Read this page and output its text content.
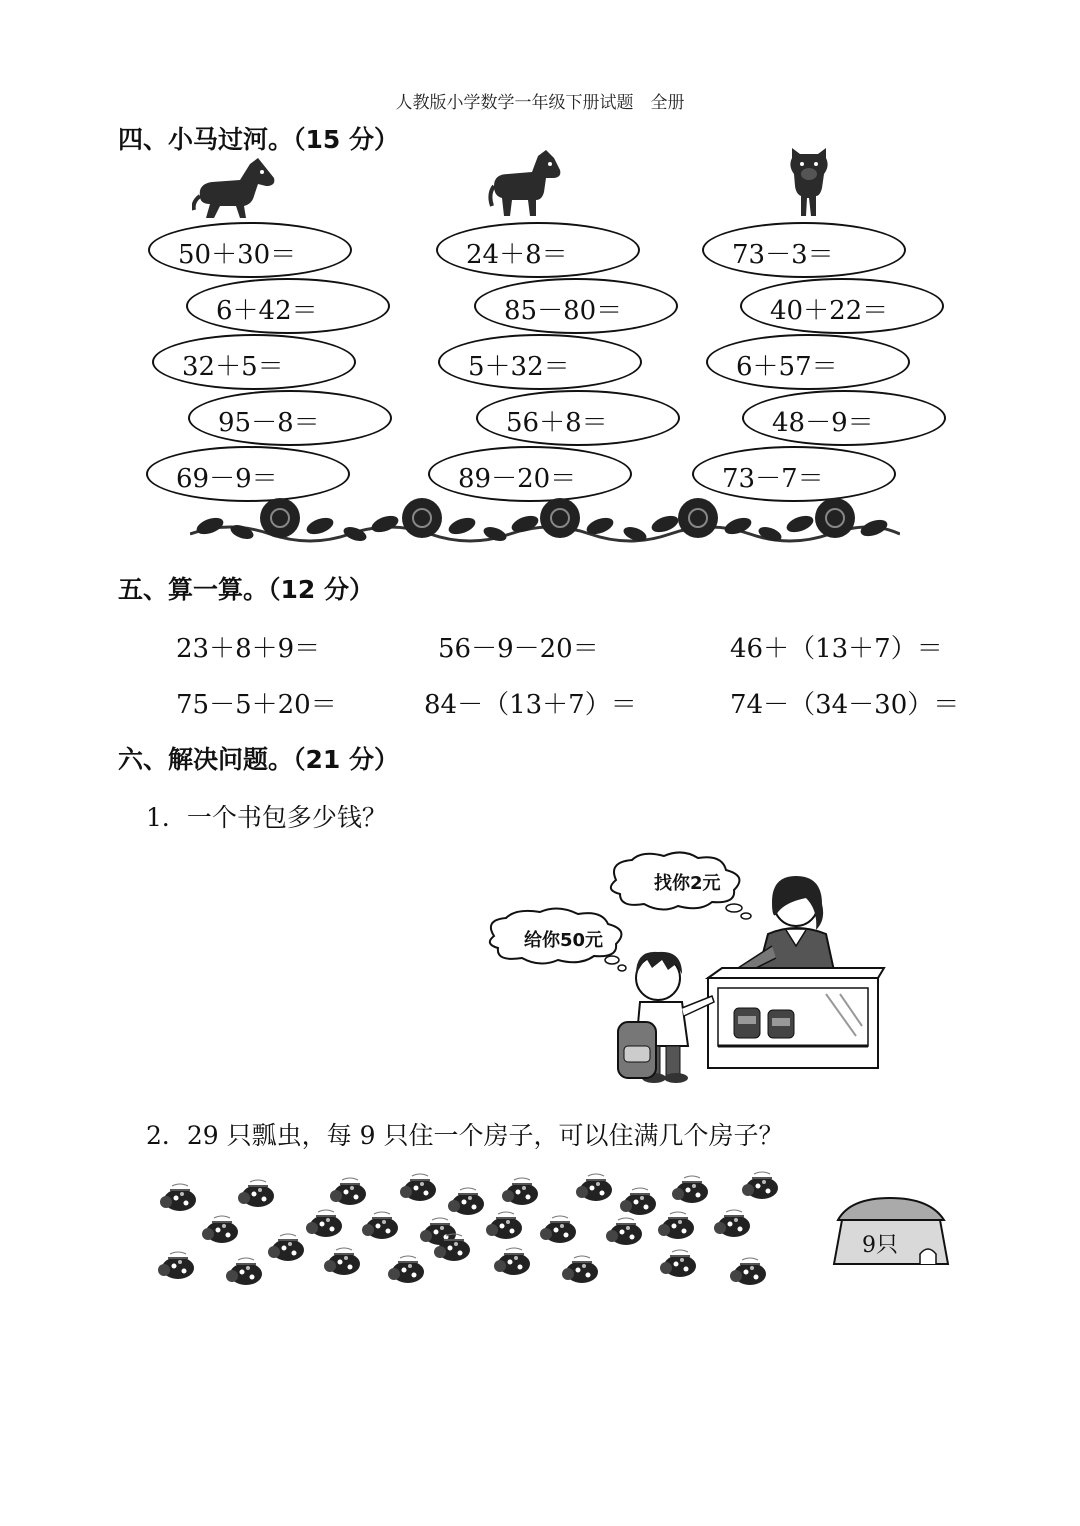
人教版小学数学一年级下册试题　全册
四、小马过河。（15 分）
50＋30＝
6＋42＝
32＋5＝
95－8＝
69－9＝
24＋8＝
85－80＝
5＋32＝
56＋8＝
89－20＝
73－3＝
40＋22＝
6＋57＝
48－9＝
73－7＝
五、算一算。（12 分）
23＋8＋9＝	56－9－20＝	46＋（13＋7）＝
75－5＋20＝	84－（13＋7）＝	74－（34－30）＝
六、解决问题。（21 分）
1．一个书包多少钱？
找你2元
给你50元
2．29 只瓢虫，每 9 只住一个房子，可以住满几个房子？
9只
